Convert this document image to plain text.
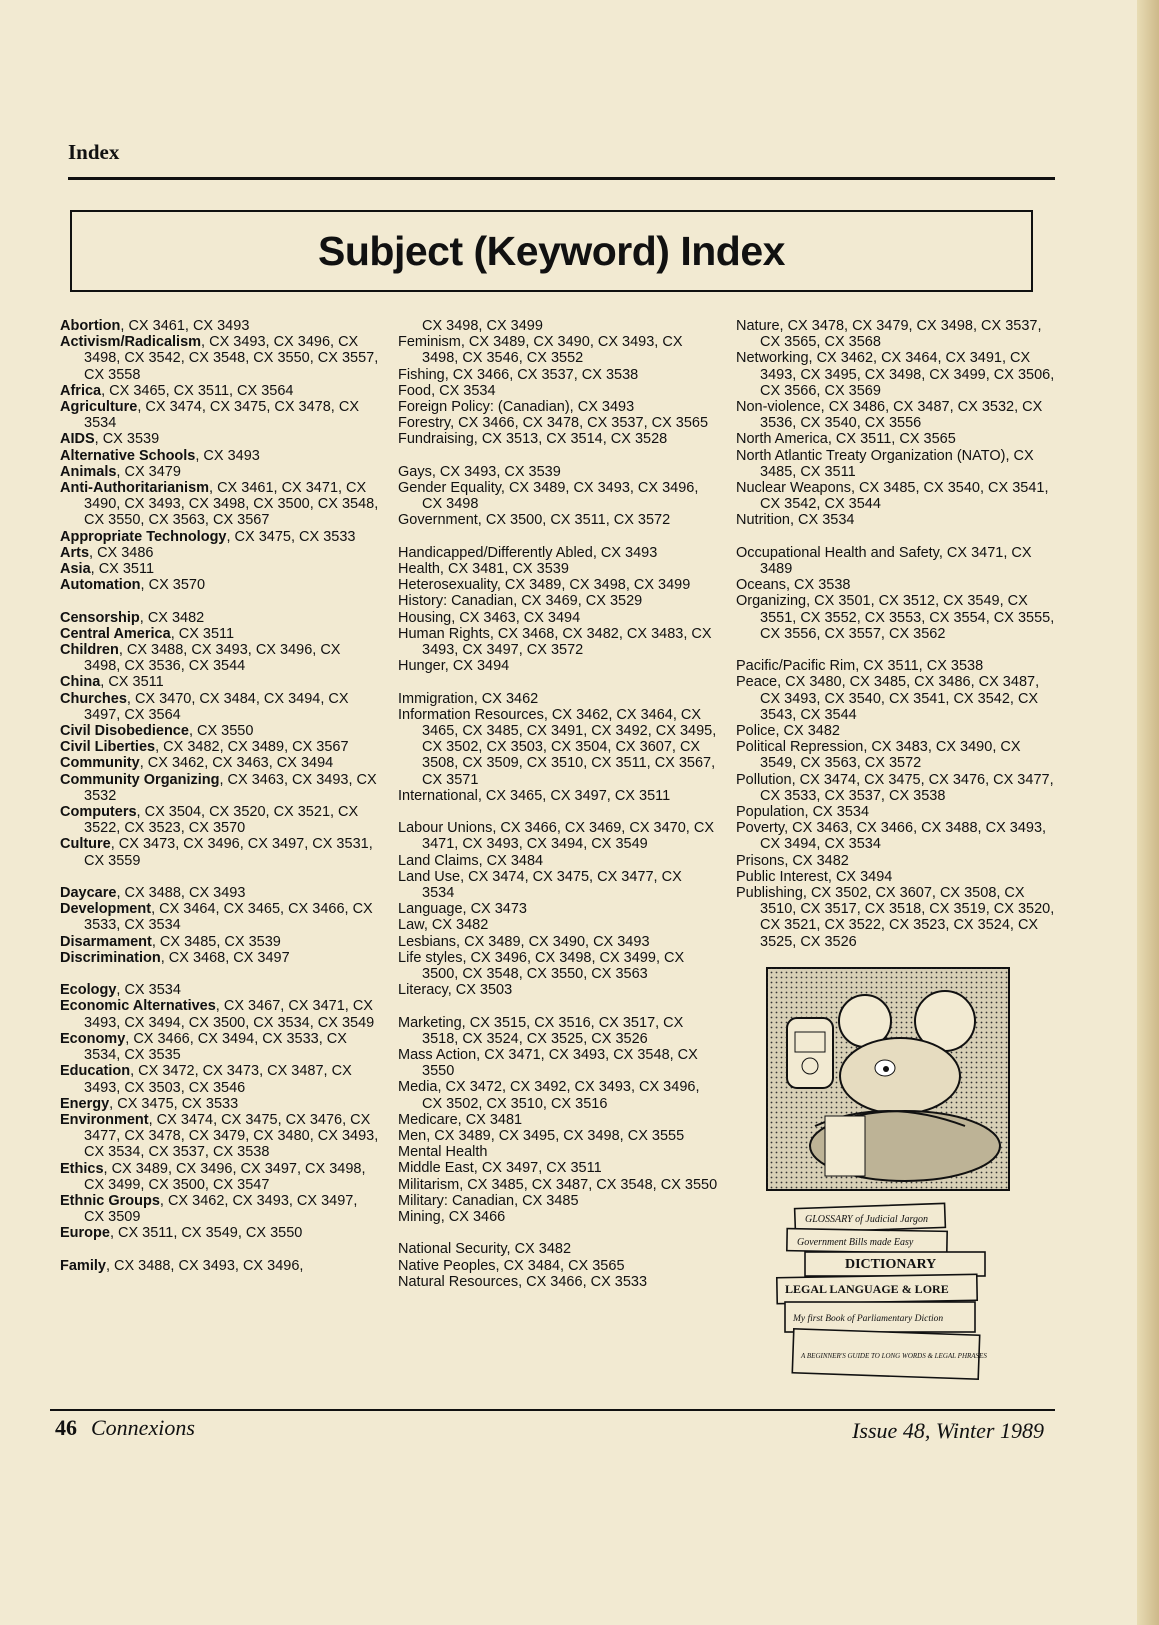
Index
Subject (Keyword) Index
Abortion, CX 3461, CX 3493
Activism/Radicalism, CX 3493, CX 3496, CX 3498, CX 3542, CX 3548, CX 3550, CX 3557, CX 3558
Africa, CX 3465, CX 3511, CX 3564
Agriculture, CX 3474, CX 3475, CX 3478, CX 3534
AIDS, CX 3539
Alternative Schools, CX 3493
Animals, CX 3479
Anti-Authoritarianism, CX 3461, CX 3471, CX 3490, CX 3493, CX 3498, CX 3500, CX 3548, CX 3550, CX 3563, CX 3567
Appropriate Technology, CX 3475, CX 3533
Arts, CX 3486
Asia, CX 3511
Automation, CX 3570
Censorship, CX 3482
Central America, CX 3511
Children, CX 3488, CX 3493, CX 3496, CX 3498, CX 3536, CX 3544
China, CX 3511
Churches, CX 3470, CX 3484, CX 3494, CX 3497, CX 3564
Civil Disobedience, CX 3550
Civil Liberties, CX 3482, CX 3489, CX 3567
Community, CX 3462, CX 3463, CX 3494
Community Organizing, CX 3463, CX 3493, CX 3532
Computers, CX 3504, CX 3520, CX 3521, CX 3522, CX 3523, CX 3570
Culture, CX 3473, CX 3496, CX 3497, CX 3531, CX 3559
Daycare, CX 3488, CX 3493
Development, CX 3464, CX 3465, CX 3466, CX 3533, CX 3534
Disarmament, CX 3485, CX 3539
Discrimination, CX 3468, CX 3497
Ecology, CX 3534
Economic Alternatives, CX 3467, CX 3471, CX 3493, CX 3494, CX 3500, CX 3534, CX 3549
Economy, CX 3466, CX 3494, CX 3533, CX 3534, CX 3535
Education, CX 3472, CX 3473, CX 3487, CX 3493, CX 3503, CX 3546
Energy, CX 3475, CX 3533
Environment, CX 3474, CX 3475, CX 3476, CX 3477, CX 3478, CX 3479, CX 3480, CX 3493, CX 3534, CX 3537, CX 3538
Ethics, CX 3489, CX 3496, CX 3497, CX 3498, CX 3499, CX 3500, CX 3547
Ethnic Groups, CX 3462, CX 3493, CX 3497, CX 3509
Europe, CX 3511, CX 3549, CX 3550
Family, CX 3488, CX 3493, CX 3496,
CX 3498, CX 3499
Feminism, CX 3489, CX 3490, CX 3493, CX 3498, CX 3546, CX 3552
Fishing, CX 3466, CX 3537, CX 3538
Food, CX 3534
Foreign Policy: (Canadian), CX 3493
Forestry, CX 3466, CX 3478, CX 3537, CX 3565
Fundraising, CX 3513, CX 3514, CX 3528
Gays, CX 3493, CX 3539
Gender Equality, CX 3489, CX 3493, CX 3496, CX 3498
Government, CX 3500, CX 3511, CX 3572
Handicapped/Differently Abled, CX 3493
Health, CX 3481, CX 3539
Heterosexuality, CX 3489, CX 3498, CX 3499
History: Canadian, CX 3469, CX 3529
Housing, CX 3463, CX 3494
Human Rights, CX 3468, CX 3482, CX 3483, CX 3493, CX 3497, CX 3572
Hunger, CX 3494
Immigration, CX 3462
Information Resources, CX 3462, CX 3464, CX 3465, CX 3485, CX 3491, CX 3492, CX 3495, CX 3502, CX 3503, CX 3504, CX 3607, CX 3508, CX 3509, CX 3510, CX 3511, CX 3567, CX 3571
International, CX 3465, CX 3497, CX 3511
Labour Unions, CX 3466, CX 3469, CX 3470, CX 3471, CX 3493, CX 3494, CX 3549
Land Claims, CX 3484
Land Use, CX 3474, CX 3475, CX 3477, CX 3534
Language, CX 3473
Law, CX 3482
Lesbians, CX 3489, CX 3490, CX 3493
Life styles, CX 3496, CX 3498, CX 3499, CX 3500, CX 3548, CX 3550, CX 3563
Literacy, CX 3503
Marketing, CX 3515, CX 3516, CX 3517, CX 3518, CX 3524, CX 3525, CX 3526
Mass Action, CX 3471, CX 3493, CX 3548, CX 3550
Media, CX 3472, CX 3492, CX 3493, CX 3496, CX 3502, CX 3510, CX 3516
Medicare, CX 3481
Men, CX 3489, CX 3495, CX 3498, CX 3555
Mental Health
Middle East, CX 3497, CX 3511
Militarism, CX 3485, CX 3487, CX 3548, CX 3550
Military: Canadian, CX 3485
Mining, CX 3466
National Security, CX 3482
Native Peoples, CX 3484, CX 3565
Natural Resources, CX 3466, CX 3533
Nature, CX 3478, CX 3479, CX 3498, CX 3537, CX 3565, CX 3568
Networking, CX 3462, CX 3464, CX 3491, CX 3493, CX 3495, CX 3498, CX 3499, CX 3506, CX 3566, CX 3569
Non-violence, CX 3486, CX 3487, CX 3532, CX 3536, CX 3540, CX 3556
North America, CX 3511, CX 3565
North Atlantic Treaty Organization (NATO), CX 3485, CX 3511
Nuclear Weapons, CX 3485, CX 3540, CX 3541, CX 3542, CX 3544
Nutrition, CX 3534
Occupational Health and Safety, CX 3471, CX 3489
Oceans, CX 3538
Organizing, CX 3501, CX 3512, CX 3549, CX 3551, CX 3552, CX 3553, CX 3554, CX 3555, CX 3556, CX 3557, CX 3562
Pacific/Pacific Rim, CX 3511, CX 3538
Peace, CX 3480, CX 3485, CX 3486, CX 3487, CX 3493, CX 3540, CX 3541, CX 3542, CX 3543, CX 3544
Police, CX 3482
Political Repression, CX 3483, CX 3490, CX 3549, CX 3563, CX 3572
Pollution, CX 3474, CX 3475, CX 3476, CX 3477, CX 3533, CX 3537, CX 3538
Population, CX 3534
Poverty, CX 3463, CX 3466, CX 3488, CX 3493, CX 3494, CX 3534
Prisons, CX 3482
Public Interest, CX 3494
Publishing, CX 3502, CX 3607, CX 3508, CX 3510, CX 3517, CX 3518, CX 3519, CX 3520, CX 3521, CX 3522, CX 3523, CX 3524, CX 3525, CX 3526
GLOSSARY of Judicial Jargon
Government Bills made Easy
DICTIONARY
LEGAL LANGUAGE & LORE
My first Book of Parliamentary Diction
A BEGINNER'S GUIDE TO LONG WORDS & LEGAL PHRASES
46 Connexions	Issue 48, Winter 1989
